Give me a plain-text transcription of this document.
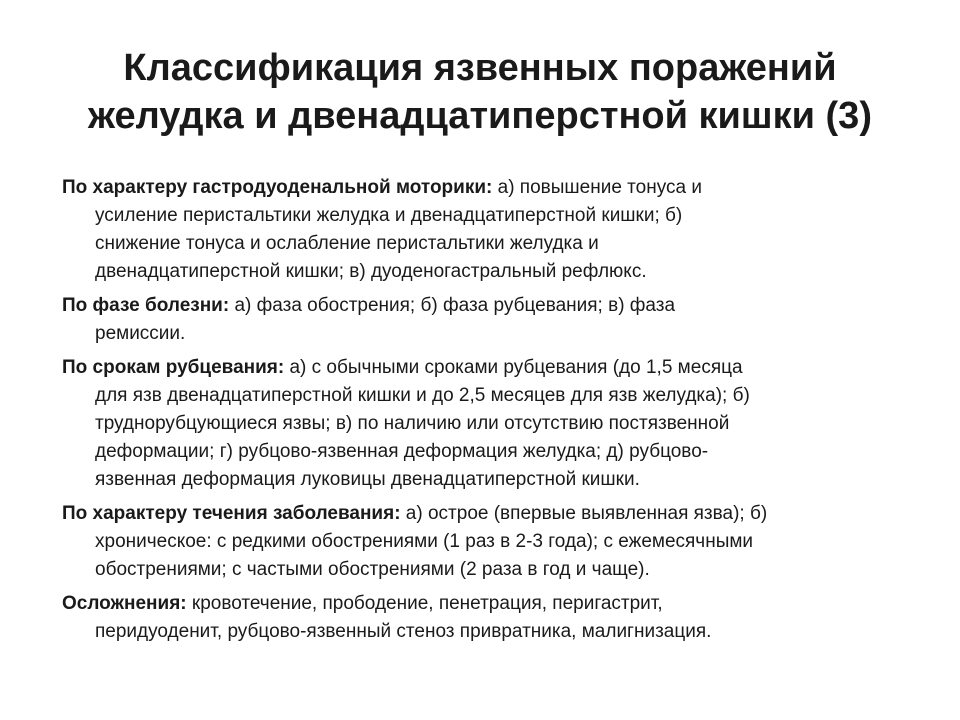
Классификация язвенных поражений
желудка и двенадцатиперстной кишки (3)
По характеру гастродуоденальной моторики: а) повышение тонуса и
усиление перистальтики желудка и двенадцатиперстной кишки; б)
снижение тонуса и ослабление перистальтики желудка и
двенадцатиперстной кишки; в) дуоденогастральный рефлюкс.
По фазе болезни: а) фаза обострения; б) фаза рубцевания; в) фаза
ремиссии.
По срокам рубцевания: а) с обычными сроками рубцевания (до 1,5 месяца
для язв двенадцатиперстной кишки и до 2,5 месяцев для язв желудка); б)
труднорубцующиеся язвы; в) по наличию или отсутствию постязвенной
деформации; г) рубцово-язвенная деформация желудка; д) рубцово-
язвенная деформация луковицы двенадцатиперстной кишки.
По характеру течения заболевания: а) острое (впервые выявленная язва); б)
хроническое: с редкими обострениями (1 раз в 2-3 года); с ежемесячными
обострениями; с частыми обострениями (2 раза в год и чаще).
Осложнения: кровотечение, прободение, пенетрация, перигастрит,
перидуоденит, рубцово-язвенный стеноз привратника, малигнизация.
